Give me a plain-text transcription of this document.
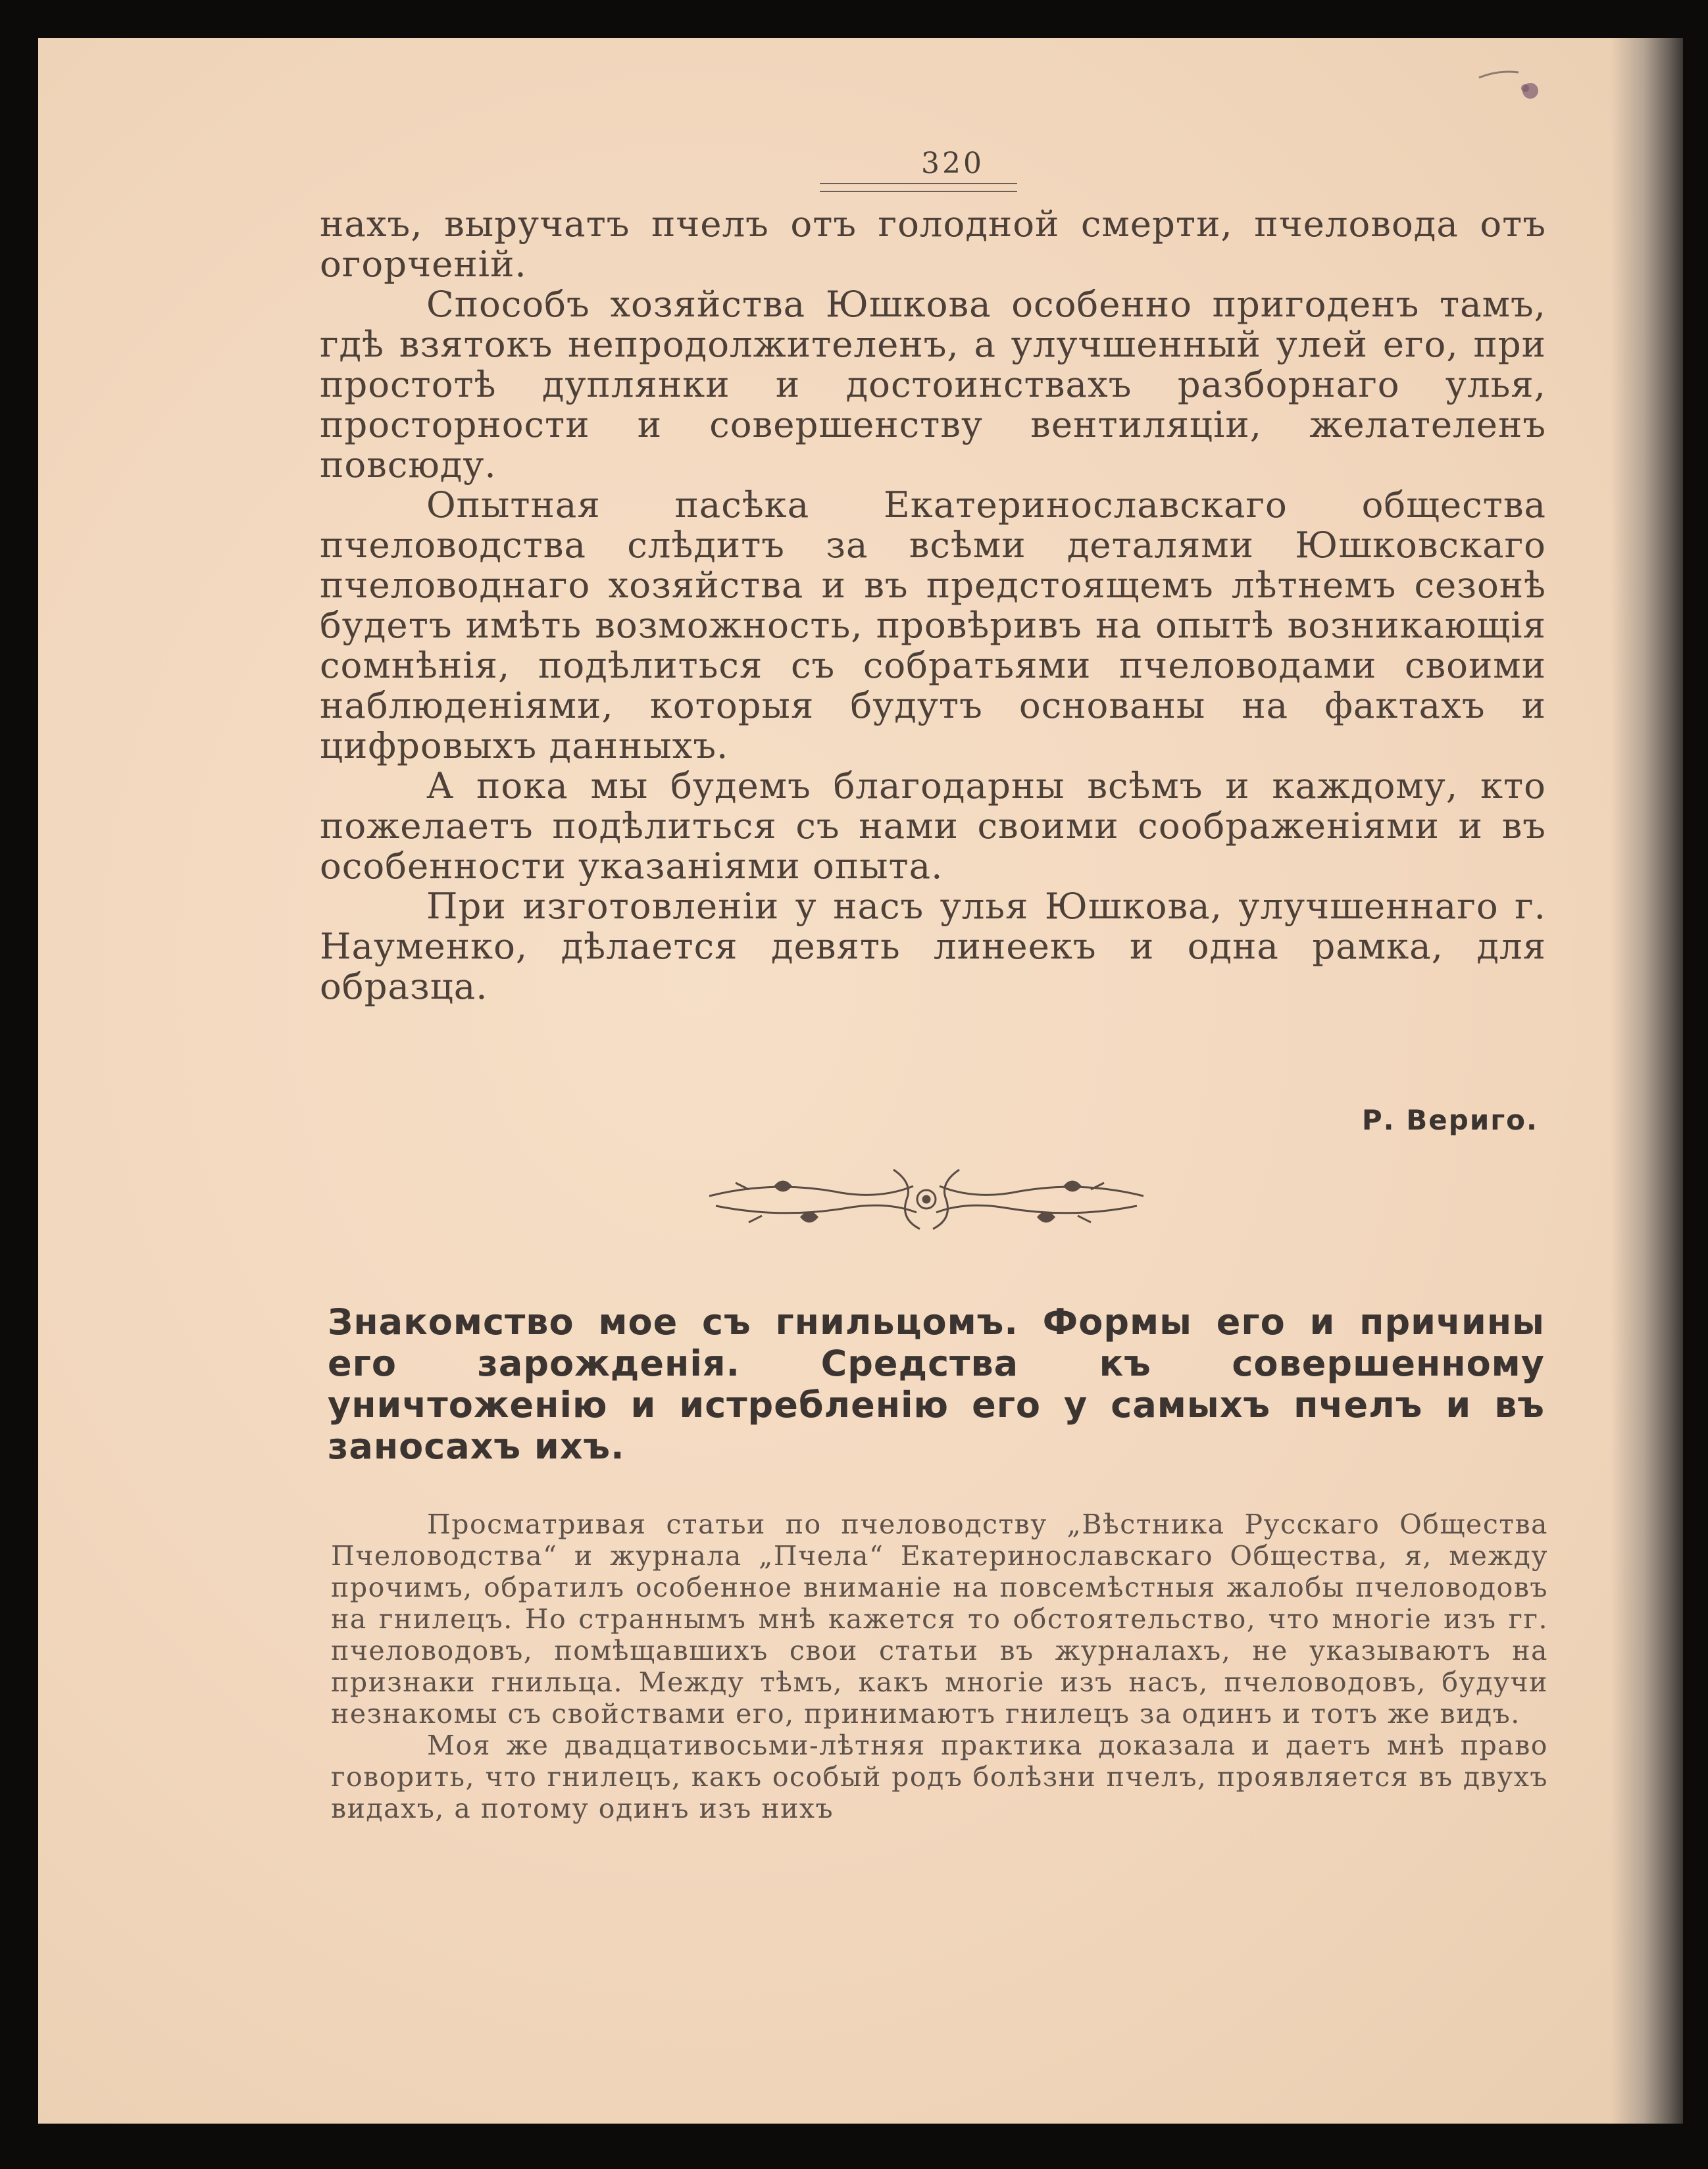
320

нахъ, выручатъ пчелъ отъ голодной смерти, пчеловода отъ огорченій.

Способъ хозяйства Юшкова особенно пригоденъ тамъ, гдѣ взятокъ непродолжителенъ, а улучшенный улей его, при простотѣ дуплянки и достоинствахъ разборнаго улья, просторности и совершенству вентиляціи, желателенъ повсюду.

Опытная пасѣка Екатеринославскаго общества пчеловодства слѣдитъ за всѣми деталями Юшковскаго пчеловоднаго хозяйства и въ предстоящемъ лѣтнемъ сезонѣ будетъ имѣть возможность, провѣривъ на опытѣ возникающія сомнѣнія, подѣлиться съ собратьями пчеловодами своими наблюденіями, которыя будутъ основаны на фактахъ и цифровыхъ данныхъ.

А пока мы будемъ благодарны всѣмъ и каждому, кто пожелаетъ подѣлиться съ нами своими соображеніями и въ особенности указаніями опыта.

При изготовленіи у насъ улья Юшкова, улучшеннаго г. Науменко, дѣлается девять линеекъ и одна рамка, для образца.

Р. Веригo.
Знакомство мое съ гнильцомъ. Формы его и причины его зарожденія. Средства къ совершенному уничтоженію и истребленію его у самыхъ пчелъ и въ заносахъ ихъ.

Просматривая статьи по пчеловодству „Вѣстника Русскаго Общества Пчеловодства“ и журнала „Пчела“ Екатеринославскаго Общества, я, между прочимъ, обратилъ особенное вниманіе на повсемѣстныя жалобы пчеловодовъ на гнилецъ. Но страннымъ мнѣ кажется то обстоятельство, что многіе изъ гг. пчеловодовъ, помѣщавшихъ свои статьи въ журналахъ, не указываютъ на признаки гнильца. Между тѣмъ, какъ многіе изъ насъ, пчеловодовъ, будучи незнакомы съ свойствами его, принимаютъ гнилецъ за одинъ и тотъ же видъ.

Моя же двадцативосьми-лѣтняя практика доказала и даетъ мнѣ право говорить, что гнилецъ, какъ особый родъ болѣзни пчелъ, проявляется въ двухъ видахъ, а потому одинъ изъ нихъ
